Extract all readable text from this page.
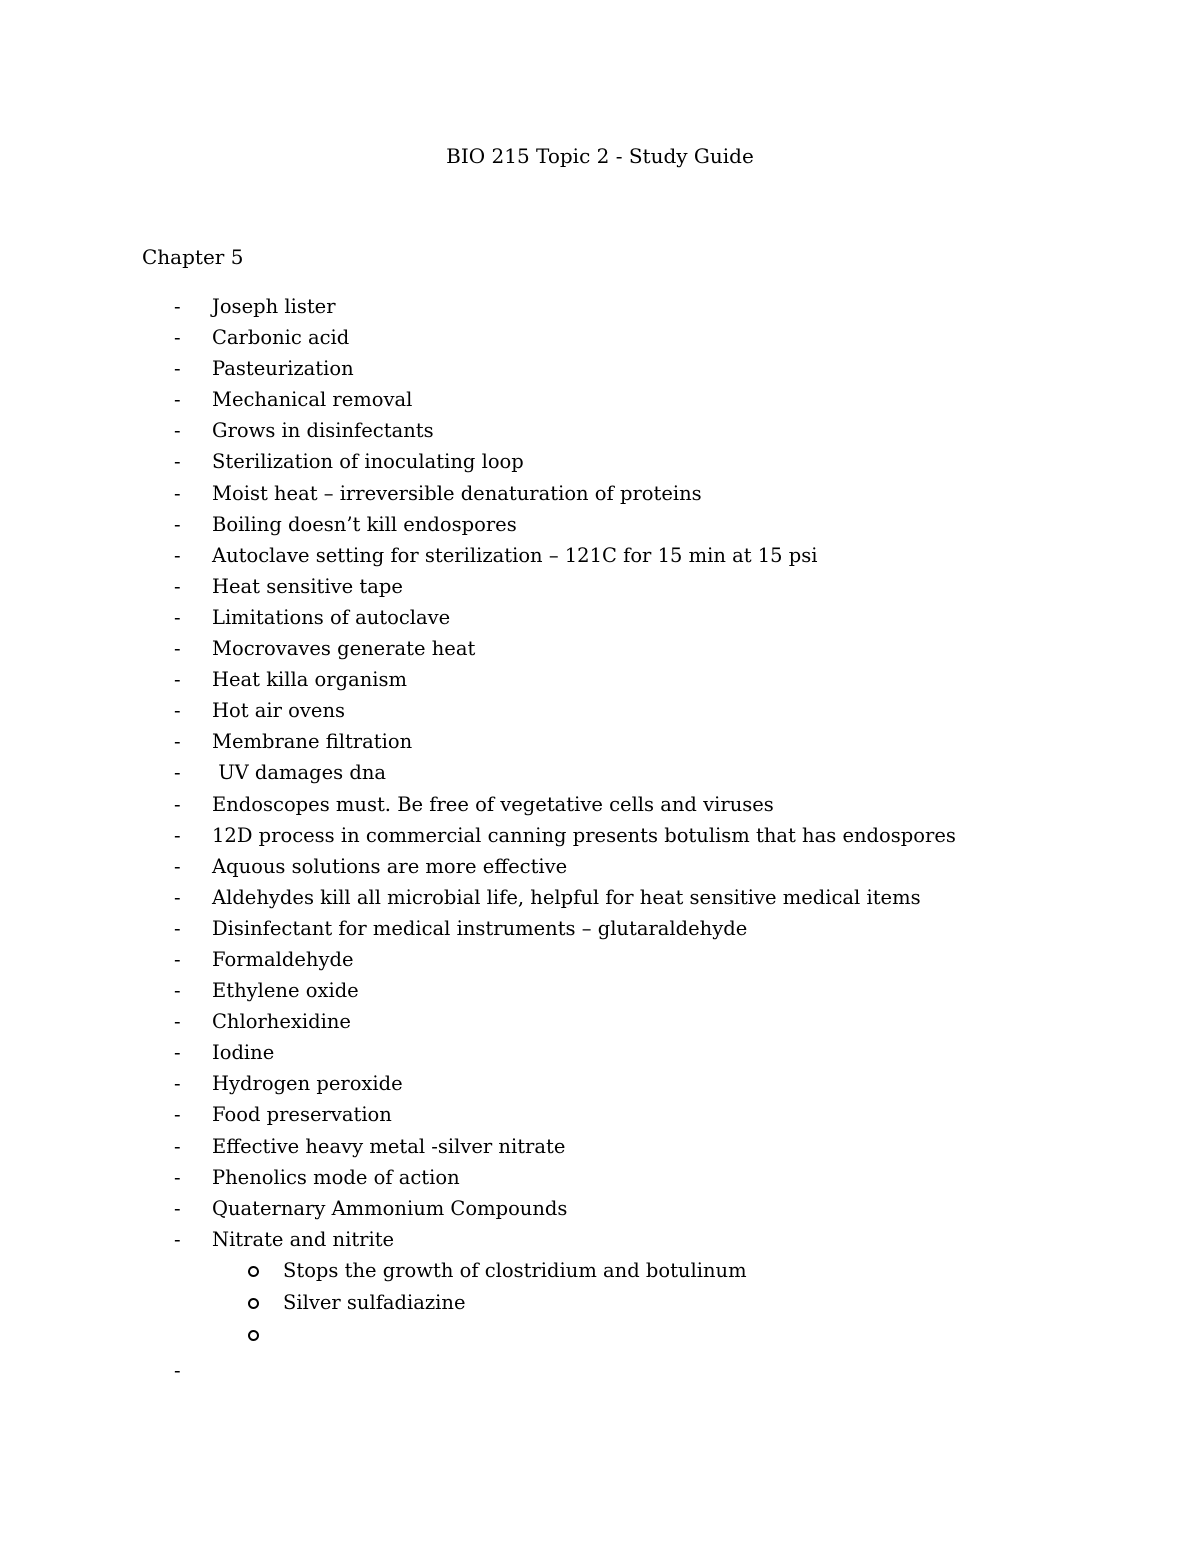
BIO 215 Topic 2 - Study Guide
Chapter 5
- Joseph lister
- Carbonic acid
- Pasteurization
- Mechanical removal
- Grows in disinfectants
- Sterilization of inoculating loop
- Moist heat – irreversible denaturation of proteins
- Boiling doesn’t kill endospores
- Autoclave setting for sterilization – 121C for 15 min at 15 psi
- Heat sensitive tape
- Limitations of autoclave
- Mocrovaves generate heat
- Heat killa organism
- Hot air ovens
- Membrane filtration
- UV damages dna
- Endoscopes must. Be free of vegetative cells and viruses
- 12D process in commercial canning presents botulism that has endospores
- Aquous solutions are more effective
- Aldehydes kill all microbial life, helpful for heat sensitive medical items
- Disinfectant for medical instruments – glutaraldehyde
- Formaldehyde
- Ethylene oxide
- Chlorhexidine
- Iodine
- Hydrogen peroxide
- Food preservation
- Effective heavy metal -silver nitrate
- Phenolics mode of action
- Quaternary Ammonium Compounds
- Nitrate and nitrite
Stops the growth of clostridium and botulinum
Silver sulfadiazine
-
